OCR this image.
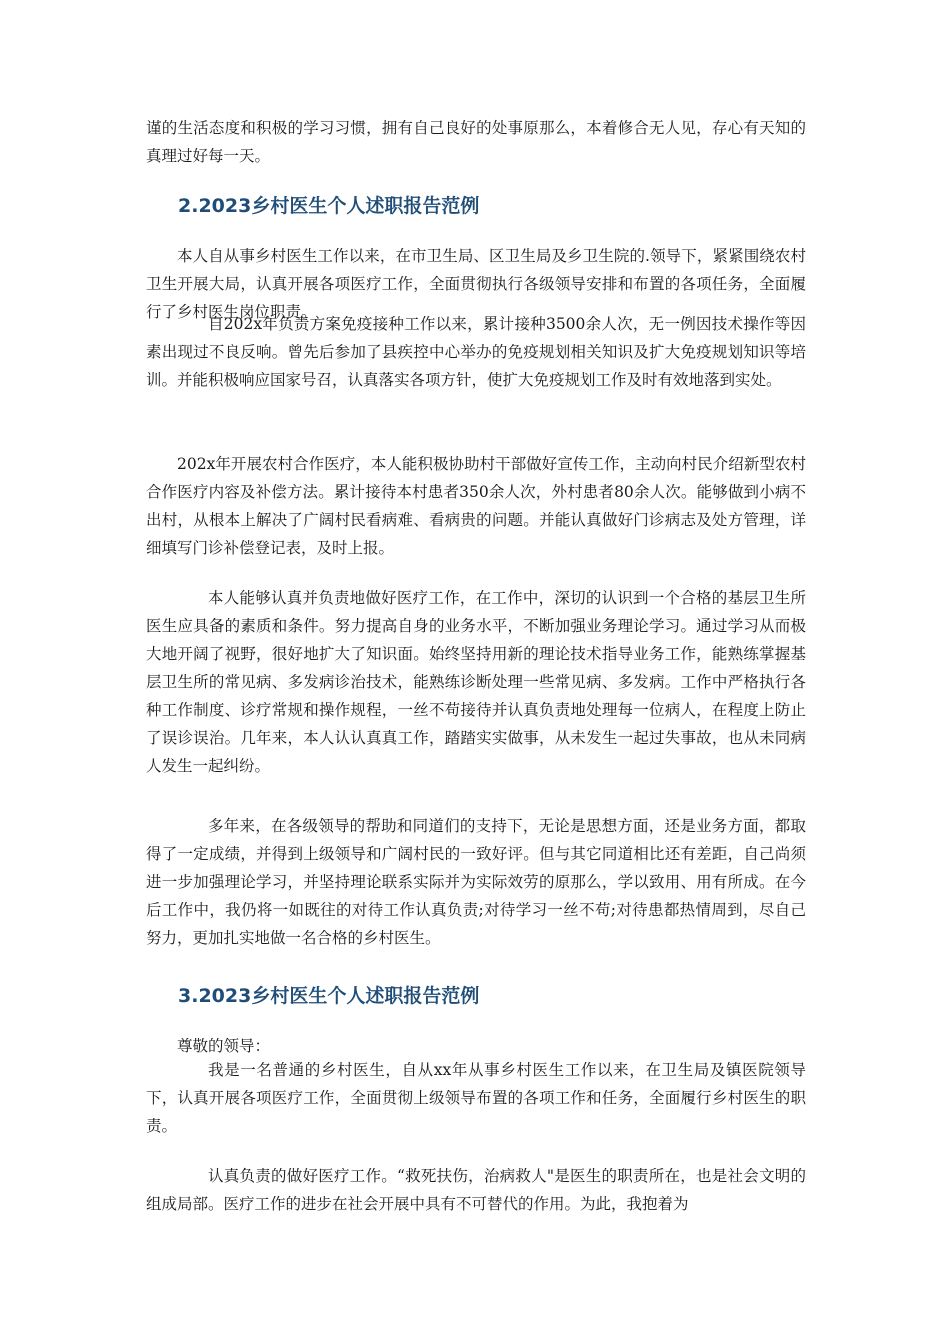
谨的生活态度和积极的学习习惯，拥有自己良好的处事原那么，本着修合无人见，存心有天知的真理过好每一天。

2.2023乡村医生个人述职报告范例

本人自从事乡村医生工作以来，在市卫生局、区卫生局及乡卫生院的.领导下，紧紧围绕农村卫生开展大局，认真开展各项医疗工作，全面贯彻执行各级领导安排和布置的各项任务，全面履行了乡村医生岗位职责。

自202x年负责方案免疫接种工作以来，累计接种3500余人次，无一例因技术操作等因素出现过不良反响。曾先后参加了县疾控中心举办的免疫规划相关知识及扩大免疫规划知识等培训。并能积极响应国家号召，认真落实各项方针，使扩大免疫规划工作及时有效地落到实处。

202x年开展农村合作医疗，本人能积极协助村干部做好宣传工作，主动向村民介绍新型农村合作医疗内容及补偿方法。累计接待本村患者350余人次，外村患者80余人次。能够做到小病不出村，从根本上解决了广阔村民看病难、看病贵的问题。并能认真做好门诊病志及处方管理，详细填写门诊补偿登记表，及时上报。

本人能够认真并负责地做好医疗工作，在工作中，深切的认识到一个合格的基层卫生所医生应具备的素质和条件。努力提高自身的业务水平，不断加强业务理论学习。通过学习从而极大地开阔了视野，很好地扩大了知识面。始终坚持用新的理论技术指导业务工作，能熟练掌握基层卫生所的常见病、多发病诊治技术，能熟练诊断处理一些常见病、多发病。工作中严格执行各种工作制度、诊疗常规和操作规程，一丝不苟接待并认真负责地处理每一位病人，在程度上防止了误诊误治。几年来，本人认认真真工作，踏踏实实做事，从未发生一起过失事故，也从未同病人发生一起纠纷。

多年来，在各级领导的帮助和同道们的支持下，无论是思想方面，还是业务方面，都取得了一定成绩，并得到上级领导和广阔村民的一致好评。但与其它同道相比还有差距，自己尚须进一步加强理论学习，并坚持理论联系实际并为实际效劳的原那么，学以致用、用有所成。在今后工作中，我仍将一如既往的对待工作认真负责;对待学习一丝不苟;对待患都热情周到，尽自己努力，更加扎实地做一名合格的乡村医生。

3.2023乡村医生个人述职报告范例

尊敬的领导：

我是一名普通的乡村医生，自从xx年从事乡村医生工作以来，在卫生局及镇医院领导下，认真开展各项医疗工作，全面贯彻上级领导布置的各项工作和任务，全面履行乡村医生的职责。

认真负责的做好医疗工作。“救死扶伤，治病救人"是医生的职责所在，也是社会文明的组成局部。医疗工作的进步在社会开展中具有不可替代的作用。为此，我抱着为
